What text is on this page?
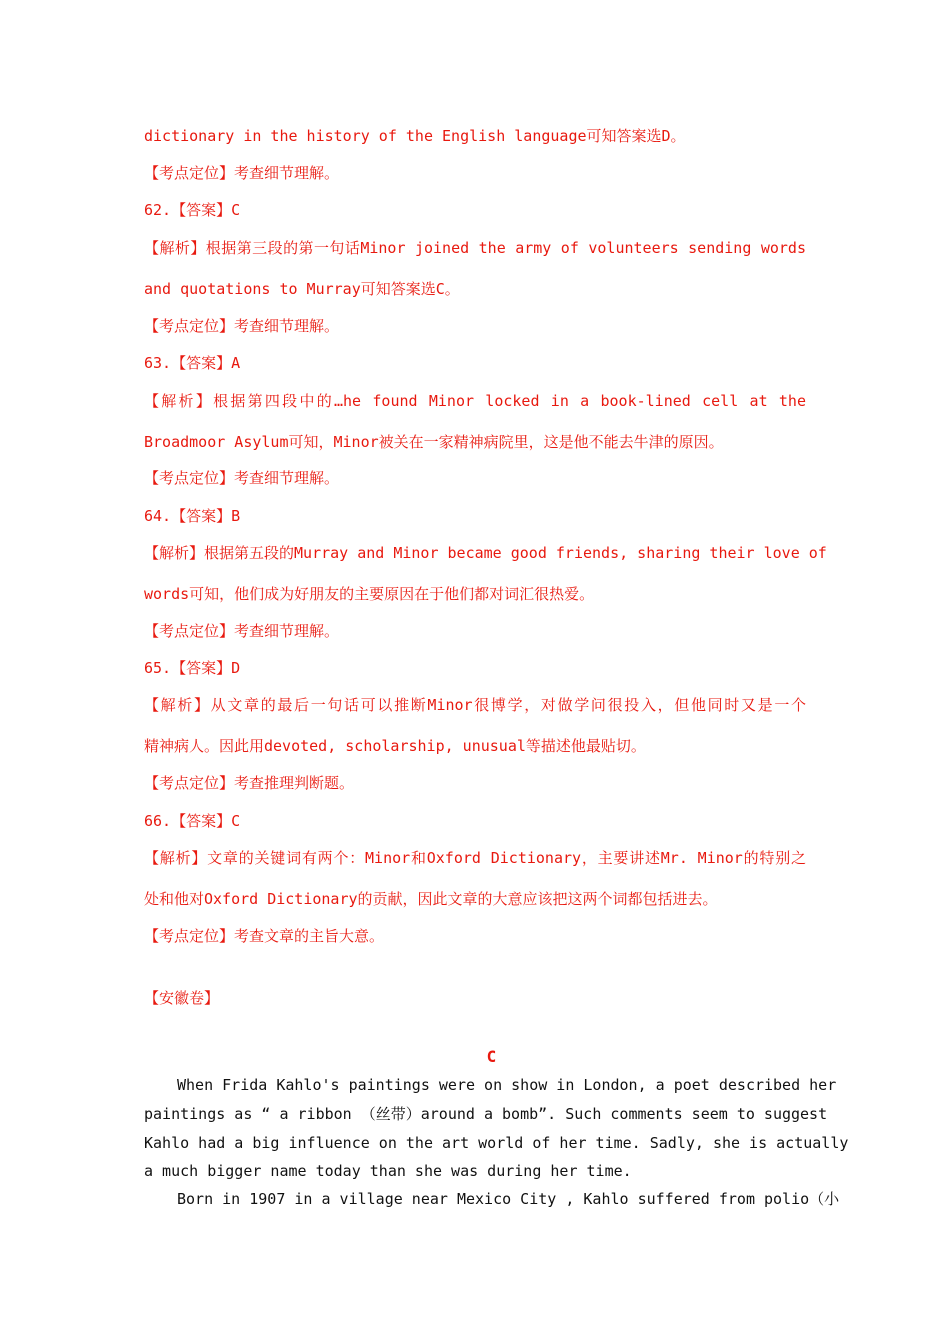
dictionary in the history of the English language可知答案选D。
【考点定位】考查细节理解。
62.【答案】C
【解析】根据第三段的第一句话Minor joined the army of volunteers sending words
and quotations to Murray可知答案选C。
【考点定位】考查细节理解。
63.【答案】A
【解析】根据第四段中的…he found Minor locked in a book-lined cell at the
Broadmoor Asylum可知，Minor被关在一家精神病院里，这是他不能去牛津的原因。
【考点定位】考查细节理解。
64.【答案】B
【解析】根据第五段的Murray and Minor became good friends, sharing their love of
words可知，他们成为好朋友的主要原因在于他们都对词汇很热爱。
【考点定位】考查细节理解。
65.【答案】D
【解析】从文章的最后一句话可以推断Minor很博学，对做学问很投入，但他同时又是一个
精神病人。因此用devoted, scholarship, unusual等描述他最贴切。
【考点定位】考查推理判断题。
66.【答案】C
【解析】文章的关键词有两个：Minor和Oxford Dictionary，主要讲述Mr. Minor的特别之
处和他对Oxford Dictionary的贡献，因此文章的大意应该把这两个词都包括进去。
【考点定位】考查文章的主旨大意。
【安徽卷】
C
When Frida Kahlo's paintings were on show in London, a poet described her
paintings as “ a ribbon （丝带）around a bomb”. Such comments seem to suggest
Kahlo had a big influence on the art world of her time. Sadly, she is actually
a much bigger name today than she was during her time.
Born in 1907 in a village near Mexico City , Kahlo suffered from polio（小
